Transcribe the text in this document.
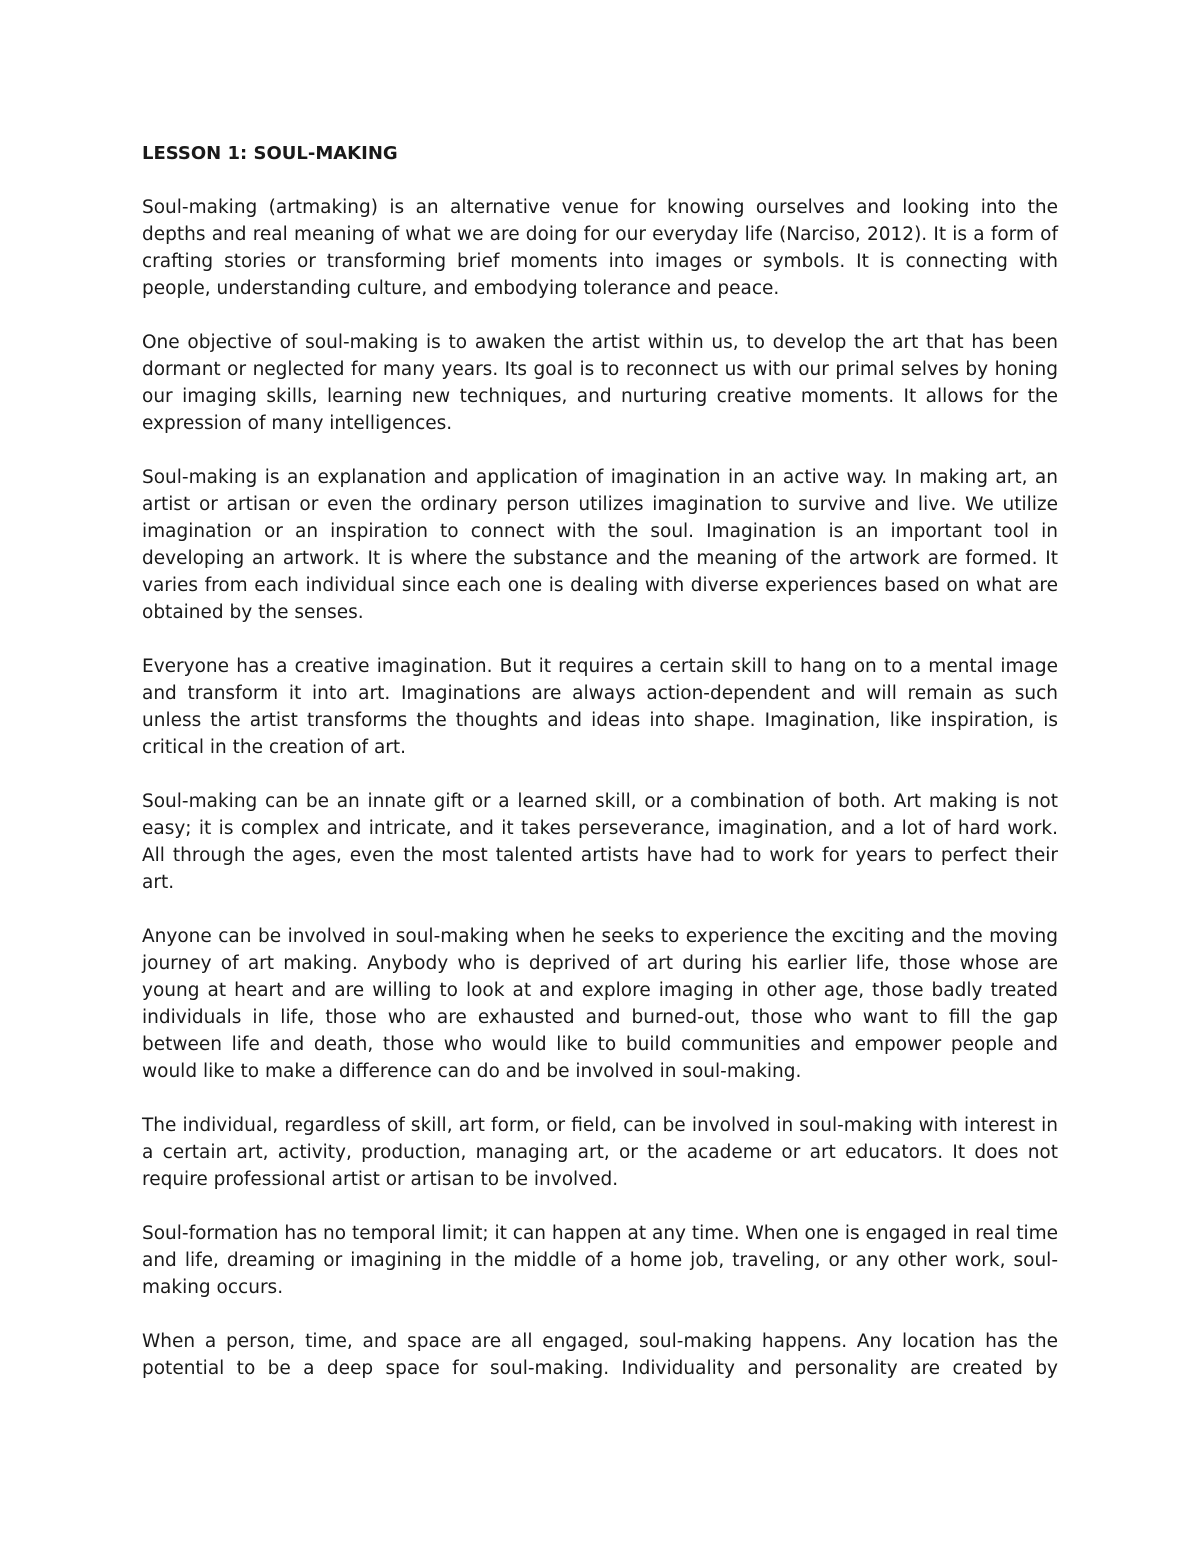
LESSON 1: SOUL-MAKING

Soul-making (artmaking) is an alternative venue for knowing ourselves and looking into the depths and real meaning of what we are doing for our everyday life (Narciso, 2012). It is a form of crafting stories or transforming brief moments into images or symbols. It is connecting with people, understanding culture, and embodying tolerance and peace.

One objective of soul-making is to awaken the artist within us, to develop the art that has been dormant or neglected for many years. Its goal is to reconnect us with our primal selves by honing our imaging skills, learning new techniques, and nurturing creative moments. It allows for the expression of many intelligences.

Soul-making is an explanation and application of imagination in an active way. In making art, an artist or artisan or even the ordinary person utilizes imagination to survive and live. We utilize imagination or an inspiration to connect with the soul. Imagination is an important tool in developing an artwork. It is where the substance and the meaning of the artwork are formed. It varies from each individual since each one is dealing with diverse experiences based on what are obtained by the senses.

Everyone has a creative imagination. But it requires a certain skill to hang on to a mental image and transform it into art. Imaginations are always action-dependent and will remain as such unless the artist transforms the thoughts and ideas into shape. Imagination, like inspiration, is critical in the creation of art.

Soul-making can be an innate gift or a learned skill, or a combination of both. Art making is not easy; it is complex and intricate, and it takes perseverance, imagination, and a lot of hard work. All through the ages, even the most talented artists have had to work for years to perfect their art.

Anyone can be involved in soul-making when he seeks to experience the exciting and the moving journey of art making. Anybody who is deprived of art during his earlier life, those whose are young at heart and are willing to look at and explore imaging in other age, those badly treated individuals in life, those who are exhausted and burned-out, those who want to fill the gap between life and death, those who would like to build communities and empower people and would like to make a difference can do and be involved in soul-making.

The individual, regardless of skill, art form, or field, can be involved in soul-making with interest in a certain art, activity, production, managing art, or the academe or art educators. It does not require professional artist or artisan to be involved.

Soul-formation has no temporal limit; it can happen at any time. When one is engaged in real time and life, dreaming or imagining in the middle of a home job, traveling, or any other work, soul-making occurs.

When a person, time, and space are all engaged, soul-making happens. Any location has the potential to be a deep space for soul-making. Individuality and personality are created by
